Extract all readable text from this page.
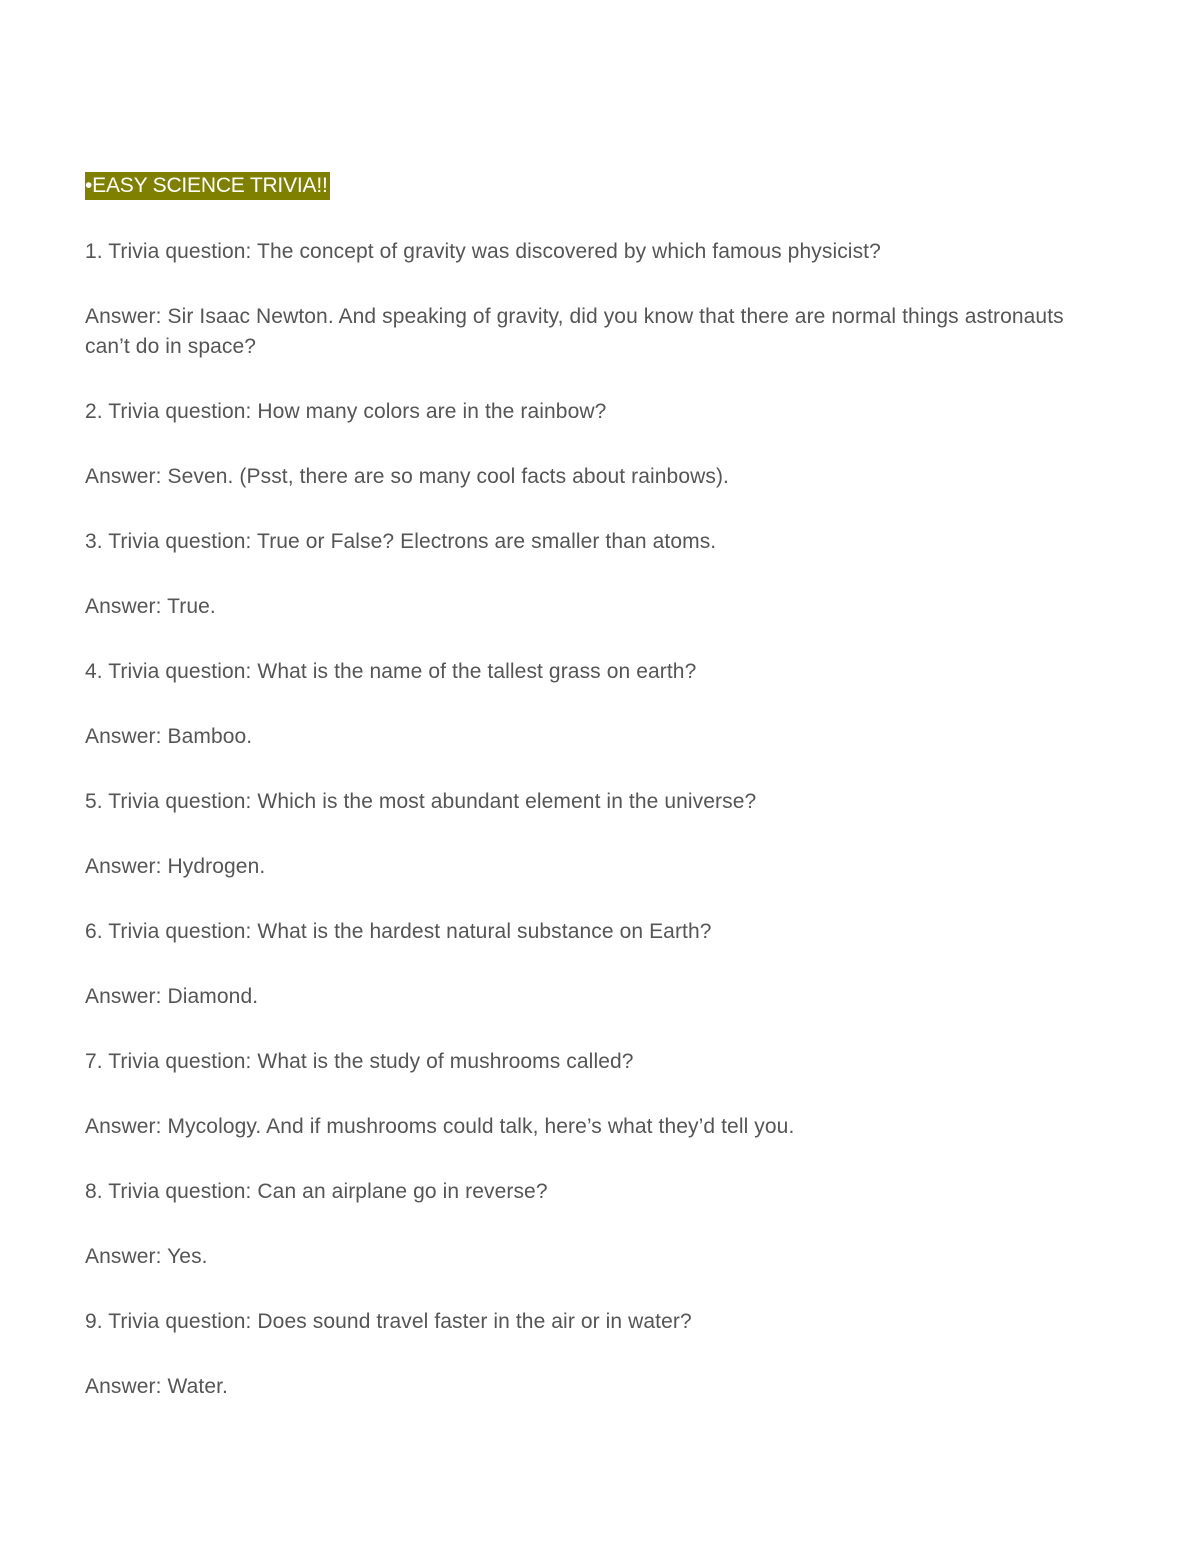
•EASY SCIENCE TRIVIA!!

1. Trivia question: The concept of gravity was discovered by which famous physicist?

Answer: Sir Isaac Newton. And speaking of gravity, did you know that there are normal things astronauts can’t do in space?

2. Trivia question: How many colors are in the rainbow?

Answer: Seven. (Psst, there are so many cool facts about rainbows).

3. Trivia question: True or False? Electrons are smaller than atoms.

Answer: True.

4. Trivia question: What is the name of the tallest grass on earth?

Answer: Bamboo.

5. Trivia question: Which is the most abundant element in the universe?

Answer: Hydrogen.

6. Trivia question: What is the hardest natural substance on Earth?

Answer: Diamond.

7. Trivia question: What is the study of mushrooms called?

Answer: Mycology. And if mushrooms could talk, here’s what they’d tell you.

8. Trivia question: Can an airplane go in reverse?

Answer: Yes.

9. Trivia question: Does sound travel faster in the air or in water?

Answer: Water.
